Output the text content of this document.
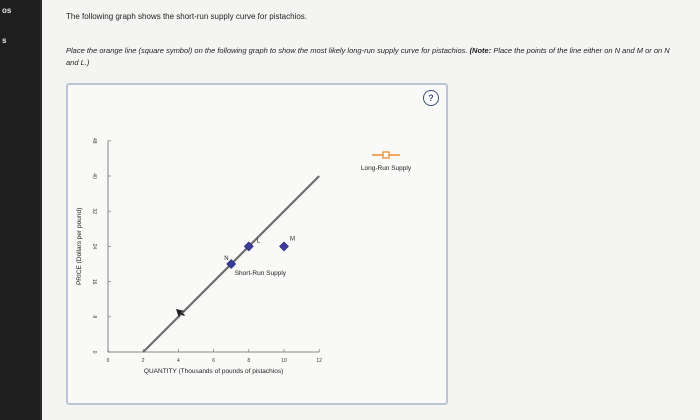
os
s
The following graph shows the short-run supply curve for pistachios.
Place the orange line (square symbol) on the following graph to show the most likely long-run supply curve for pistachios. (Note: Place the points of the line either on N and M or on N and L.)
?
0	2	4	6	8	10	12
0
8
16
24
32
40
48
QUANTITY (Thousands of pounds of pistachios)
PRICE (Dollars per pound)	Short-Run Supply
L	M
N
Long-Run Supply
